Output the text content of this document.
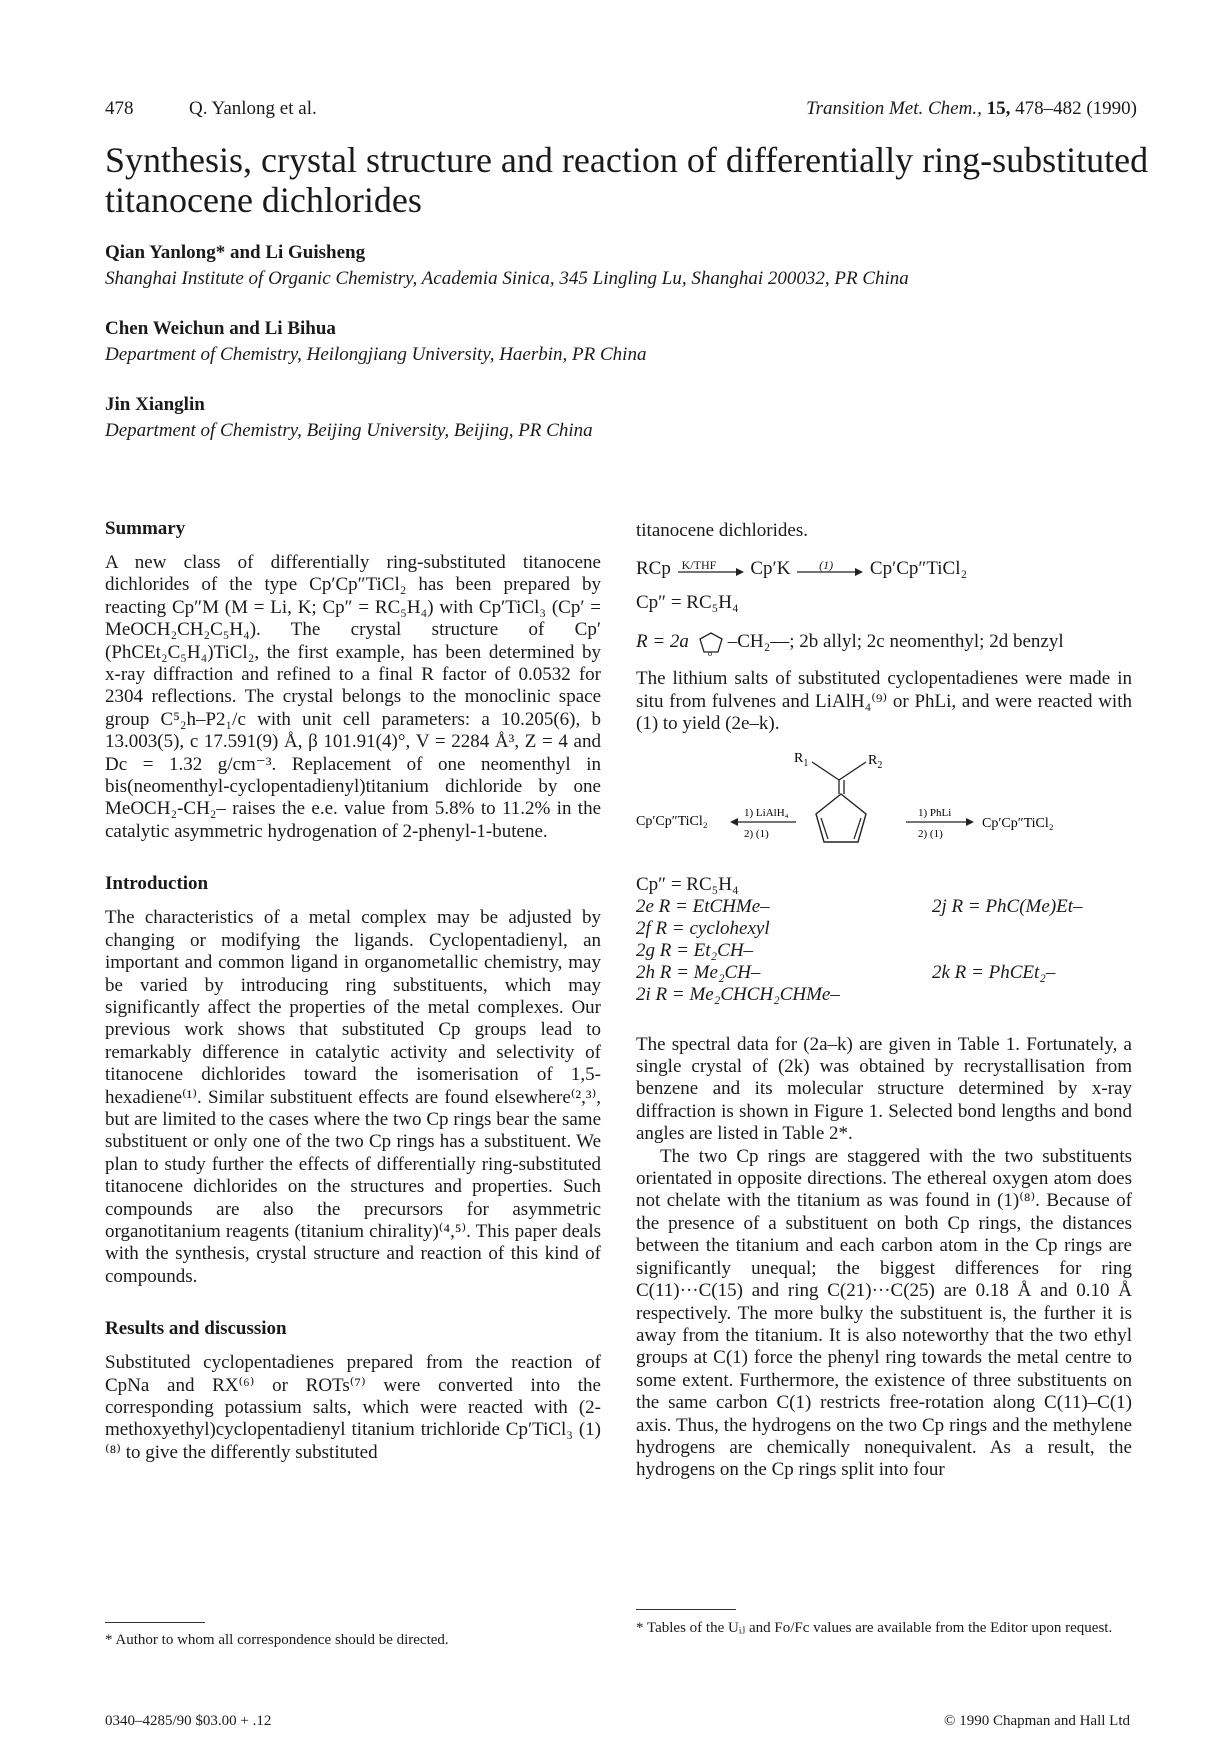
478	Q. Yanlong et al.	Transition Met. Chem., 15, 478–482 (1990)
Synthesis, crystal structure and reaction of differentially ring-substituted titanocene dichlorides
Qian Yanlong* and Li Guisheng
Shanghai Institute of Organic Chemistry, Academia Sinica, 345 Lingling Lu, Shanghai 200032, PR China
Chen Weichun and Li Bihua
Department of Chemistry, Heilongjiang University, Haerbin, PR China
Jin Xianglin
Department of Chemistry, Beijing University, Beijing, PR China
Summary

A new class of differentially ring-substituted titanocene dichlorides of the type Cp′Cp″TiCl₂ has been prepared by reacting Cp″M (M = Li, K; Cp″ = RC₅H₄) with Cp′TiCl₃ (Cp′ = MeOCH₂CH₂C₅H₄). The crystal structure of Cp′(PhCEt₂C₅H₄)TiCl₂, the first example, has been determined by x-ray diffraction and refined to a final R factor of 0.0532 for 2304 reflections. The crystal belongs to the monoclinic space group C⁵₂h–P2₁/c with unit cell parameters: a 10.205(6), b 13.003(5), c 17.591(9) Å, β 101.91(4)°, V = 2284 Å³, Z = 4 and Dc = 1.32 g/cm⁻³. Replacement of one neomenthyl in bis(neomenthyl-cyclopentadienyl)titanium dichloride by one MeOCH₂-CH₂– raises the e.e. value from 5.8% to 11.2% in the catalytic asymmetric hydrogenation of 2-phenyl-1-butene.

Introduction

The characteristics of a metal complex may be adjusted by changing or modifying the ligands. Cyclopentadienyl, an important and common ligand in organometallic chemistry, may be varied by introducing ring substituents, which may significantly affect the properties of the metal complexes. Our previous work shows that substituted Cp groups lead to remarkably difference in catalytic activity and selectivity of titanocene dichlorides toward the isomerisation of 1,5-hexadiene⁽¹⁾. Similar substituent effects are found elsewhere⁽²,³⁾, but are limited to the cases where the two Cp rings bear the same substituent or only one of the two Cp rings has a substituent. We plan to study further the effects of differentially ring-substituted titanocene dichlorides on the structures and properties. Such compounds are also the precursors for asymmetric organotitanium reagents (titanium chirality)⁽⁴,⁵⁾. This paper deals with the synthesis, crystal structure and reaction of this kind of compounds.

Results and discussion

Substituted cyclopentadienes prepared from the reaction of CpNa and RX⁽⁶⁾ or ROTs⁽⁷⁾ were converted into the corresponding potassium salts, which were reacted with (2-methoxyethyl)cyclopentadienyl titanium trichloride Cp′TiCl₃ (1)⁽⁸⁾ to give the differently substituted

titanocene dichlorides.

RCp K/THF Cp′K (1) Cp′Cp″TiCl₂
Cp″ = RC₅H₄
R = 2a
o
–CH₂—; 2b allyl; 2c neomenthyl; 2d benzyl

The lithium salts of substituted cyclopentadienes were made in situ from fulvenes and LiAlH₄⁽⁹⁾ or PhLi, and were reacted with (1) to yield (2e–k).

$R_1$	$R_2$
Cp′Cp″TiCl₂
1) LiAlH₄
2) (1)
1) PhLi
2) (1)
Cp′Cp″TiCl₂
Cp″ = RC₅H₄
2e R = EtCHMe–
2f R = cyclohexyl
2g R = Et₂CH–
2h R = Me₂CH–
2i R = Me₂CHCH₂CHMe–
2j R = PhC(Me)Et–
2k R = PhCEt₂–

The spectral data for (2a–k) are given in Table 1. Fortunately, a single crystal of (2k) was obtained by recrystallisation from benzene and its molecular structure determined by x-ray diffraction is shown in Figure 1. Selected bond lengths and bond angles are listed in Table 2*.

The two Cp rings are staggered with the two substituents orientated in opposite directions. The ethereal oxygen atom does not chelate with the titanium as was found in (1)⁽⁸⁾. Because of the presence of a substituent on both Cp rings, the distances between the titanium and each carbon atom in the Cp rings are significantly unequal; the biggest differences for ring C(11)···C(15) and ring C(21)···C(25) are 0.18 Å and 0.10 Å respectively. The more bulky the substituent is, the further it is away from the titanium. It is also noteworthy that the two ethyl groups at C(1) force the phenyl ring towards the metal centre to some extent. Furthermore, the existence of three substituents on the same carbon C(1) restricts free-rotation along C(11)–C(1) axis. Thus, the hydrogens on the two Cp rings and the methylene hydrogens are chemically nonequivalent. As a result, the hydrogens on the Cp rings split into four

* Author to whom all correspondence should be directed.
* Tables of the Uᵢⱼ and Fo/Fc values are available from the Editor upon request.
0340–4285/90 $03.00 + .12	© 1990 Chapman and Hall Ltd
